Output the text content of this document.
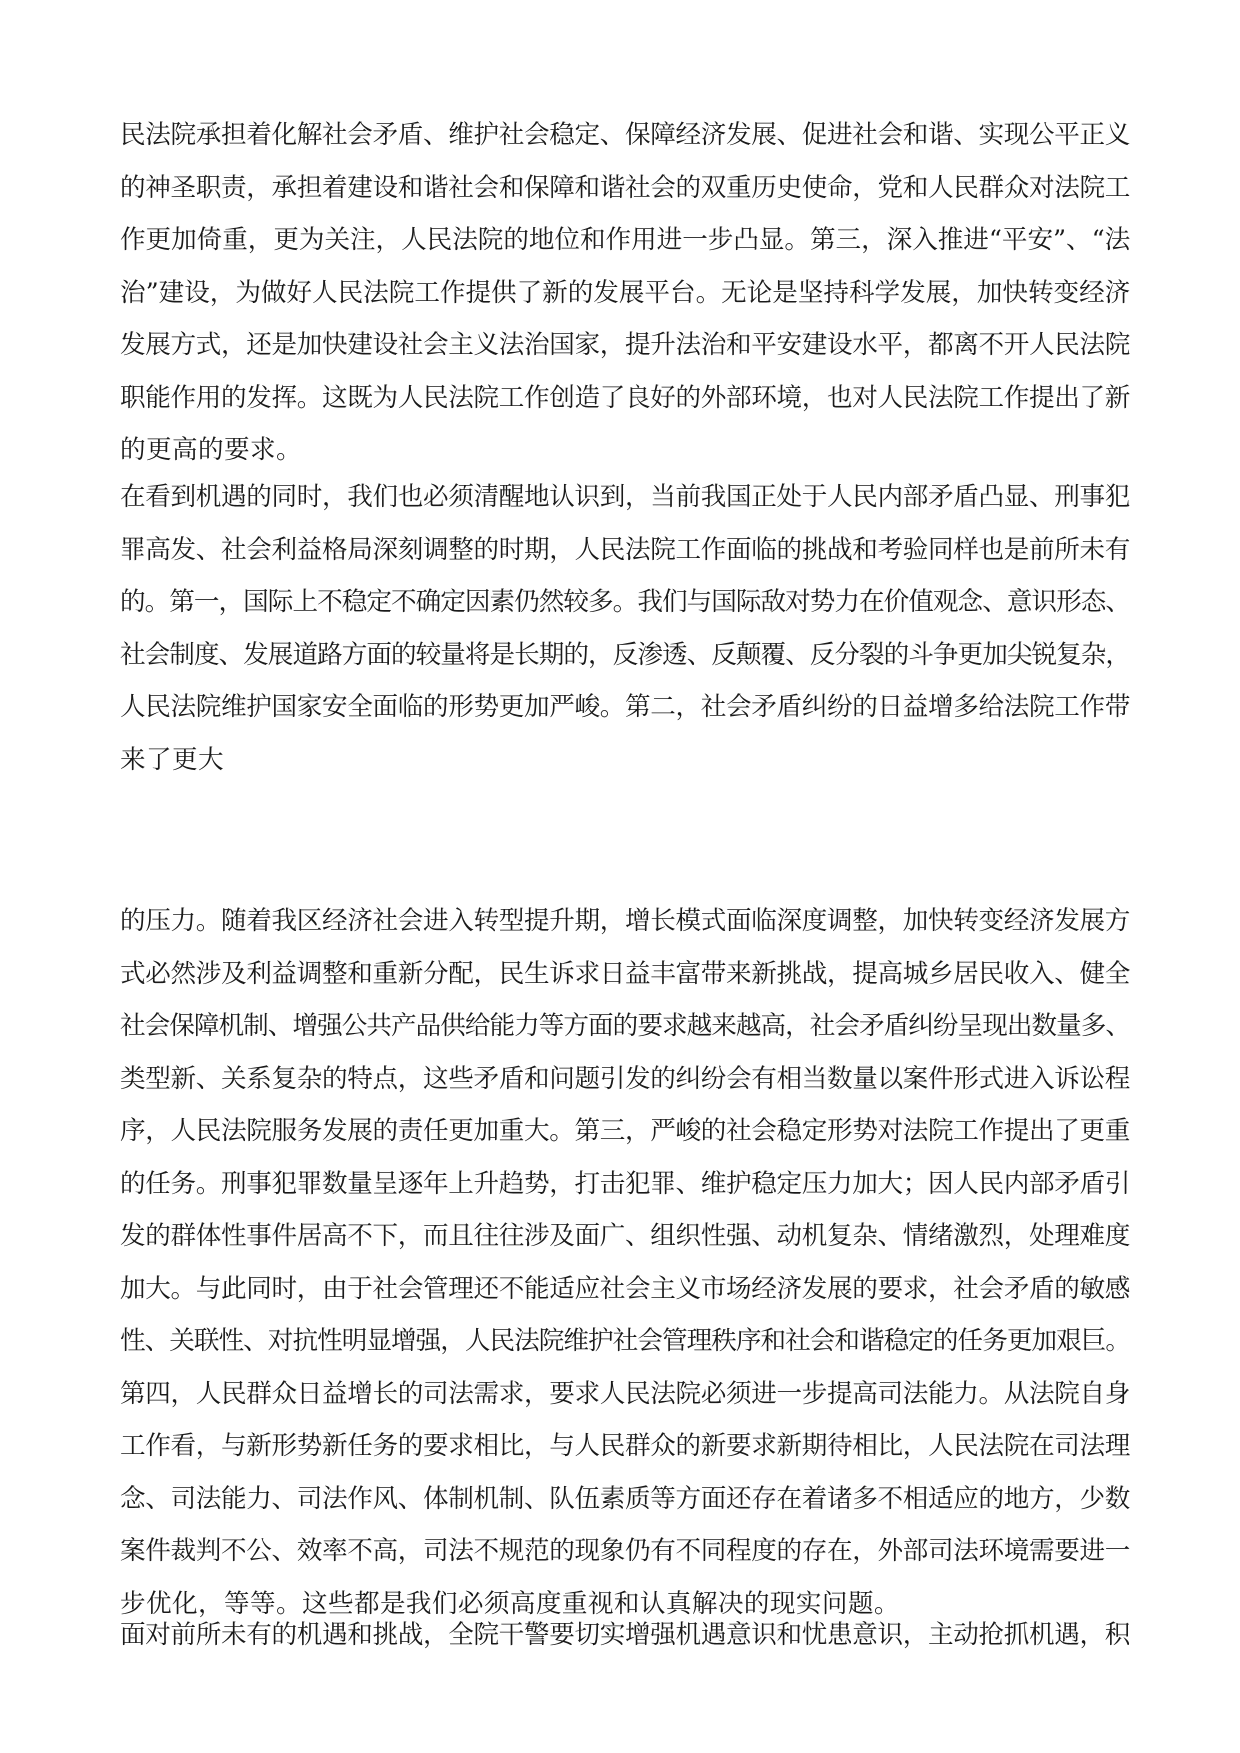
民法院承担着化解社会矛盾、维护社会稳定、保障经济发展、促进社会和谐、实现公平正义
的神圣职责，承担着建设和谐社会和保障和谐社会的双重历史使命，党和人民群众对法院工
作更加倚重，更为关注，人民法院的地位和作用进一步凸显。第三，深入推进“平安”、“法
治”建设，为做好人民法院工作提供了新的发展平台。无论是坚持科学发展，加快转变经济
发展方式，还是加快建设社会主义法治国家，提升法治和平安建设水平，都离不开人民法院
职能作用的发挥。这既为人民法院工作创造了良好的外部环境，也对人民法院工作提出了新
的更高的要求。

在看到机遇的同时，我们也必须清醒地认识到，当前我国正处于人民内部矛盾凸显、刑事犯
罪高发、社会利益格局深刻调整的时期，人民法院工作面临的挑战和考验同样也是前所未有
的。第一，国际上不稳定不确定因素仍然较多。我们与国际敌对势力在价值观念、意识形态、
社会制度、发展道路方面的较量将是长期的，反渗透、反颠覆、反分裂的斗争更加尖锐复杂，
人民法院维护国家安全面临的形势更加严峻。第二，社会矛盾纠纷的日益增多给法院工作带
来了更大

的压力。随着我区经济社会进入转型提升期，增长模式面临深度调整，加快转变经济发展方
式必然涉及利益调整和重新分配，民生诉求日益丰富带来新挑战，提高城乡居民收入、健全
社会保障机制、增强公共产品供给能力等方面的要求越来越高，社会矛盾纠纷呈现出数量多、
类型新、关系复杂的特点，这些矛盾和问题引发的纠纷会有相当数量以案件形式进入诉讼程
序，人民法院服务发展的责任更加重大。第三，严峻的社会稳定形势对法院工作提出了更重
的任务。刑事犯罪数量呈逐年上升趋势，打击犯罪、维护稳定压力加大；因人民内部矛盾引
发的群体性事件居高不下，而且往往涉及面广、组织性强、动机复杂、情绪激烈，处理难度
加大。与此同时，由于社会管理还不能适应社会主义市场经济发展的要求，社会矛盾的敏感
性、关联性、对抗性明显增强，人民法院维护社会管理秩序和社会和谐稳定的任务更加艰巨。
第四，人民群众日益增长的司法需求，要求人民法院必须进一步提高司法能力。从法院自身
工作看，与新形势新任务的要求相比，与人民群众的新要求新期待相比，人民法院在司法理
念、司法能力、司法作风、体制机制、队伍素质等方面还存在着诸多不相适应的地方，少数
案件裁判不公、效率不高，司法不规范的现象仍有不同程度的存在，外部司法环境需要进一
步优化，等等。这些都是我们必须高度重视和认真解决的现实问题。

面对前所未有的机遇和挑战，全院干警要切实增强机遇意识和忧患意识，主动抢抓机遇，积
